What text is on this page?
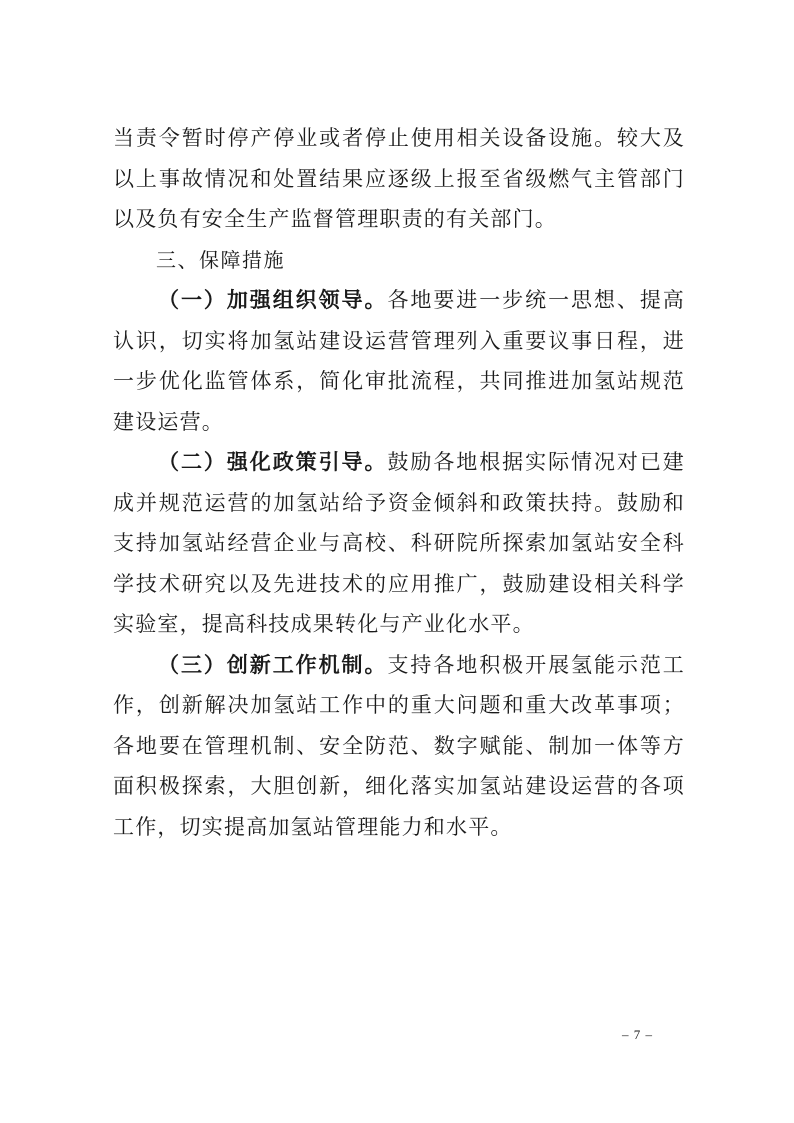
当责令暂时停产停业或者停止使用相关设备设施。较大及以上事故情况和处置结果应逐级上报至省级燃气主管部门以及负有安全生产监督管理职责的有关部门。

三、保障措施

（一）加强组织领导。各地要进一步统一思想、提高认识，切实将加氢站建设运营管理列入重要议事日程，进一步优化监管体系，简化审批流程，共同推进加氢站规范建设运营。

（二）强化政策引导。鼓励各地根据实际情况对已建成并规范运营的加氢站给予资金倾斜和政策扶持。鼓励和支持加氢站经营企业与高校、科研院所探索加氢站安全科学技术研究以及先进技术的应用推广，鼓励建设相关科学实验室，提高科技成果转化与产业化水平。

（三）创新工作机制。支持各地积极开展氢能示范工作，创新解决加氢站工作中的重大问题和重大改革事项；各地要在管理机制、安全防范、数字赋能、制加一体等方面积极探索，大胆创新，细化落实加氢站建设运营的各项工作，切实提高加氢站管理能力和水平。

– 7 –
